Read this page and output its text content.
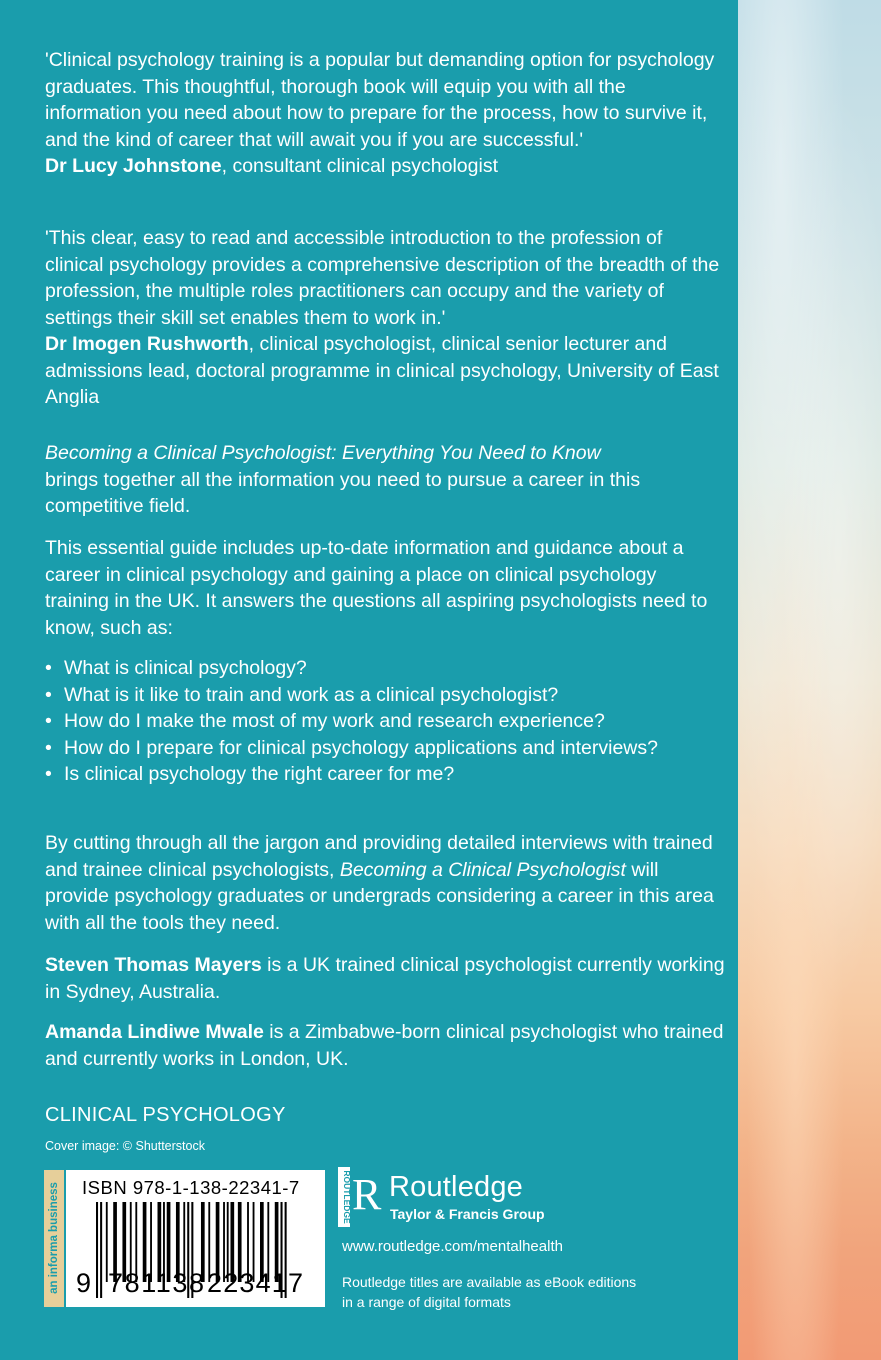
'Clinical psychology training is a popular but demanding option for psychology graduates. This thoughtful, thorough book will equip you with all the information you need about how to prepare for the process, how to survive it, and the kind of career that will await you if you are successful.'

Dr Lucy Johnstone, consultant clinical psychologist

'This clear, easy to read and accessible introduction to the profession of clinical psychology provides a comprehensive description of the breadth of the profession, the multiple roles practitioners can occupy and the variety of settings their skill set enables them to work in.'

Dr Imogen Rushworth, clinical psychologist, clinical senior lecturer and admissions lead, doctoral programme in clinical psychology, University of East Anglia

Becoming a Clinical Psychologist: Everything You Need to Know
brings together all the information you need to pursue a career in this competitive field.

This essential guide includes up-to-date information and guidance about a career in clinical psychology and gaining a place on clinical psychology training in the UK. It answers the questions all aspiring psychologists need to know, such as:

• What is clinical psychology?
• What is it like to train and work as a clinical psychologist?
• How do I make the most of my work and research experience?
• How do I prepare for clinical psychology applications and interviews?
• Is clinical psychology the right career for me?

By cutting through all the jargon and providing detailed interviews with trained and trainee clinical psychologists, Becoming a Clinical Psychologist will provide psychology graduates or undergrads considering a career in this area with all the tools they need.

Steven Thomas Mayers is a UK trained clinical psychologist currently working in Sydney, Australia.

Amanda Lindiwe Mwale is a Zimbabwe-born clinical psychologist who trained and currently works in London, UK.

CLINICAL PSYCHOLOGY
Cover image: © Shutterstock
an informa business ISBN 978-1-138-22341-7
9 781138 223417
ROUTLEDGE R Routledge
Taylor & Francis Group
www.routledge.com/mentalhealth
Routledge titles are available as eBook editions in a range of digital formats
